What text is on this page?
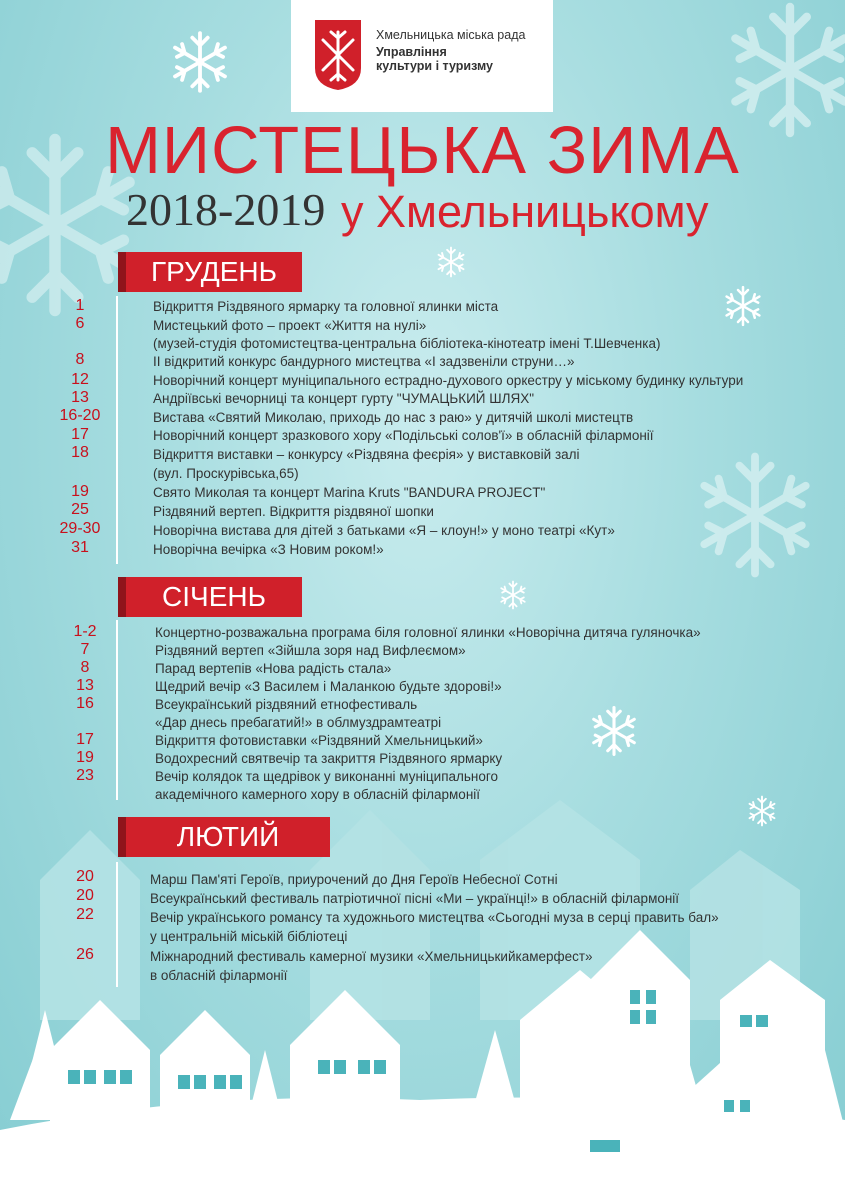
Хмельницька міська рада
Управління
культури і туризму
МИСТЕЦЬКА ЗИМА
2018-2019 у Хмельницькому
ГРУДЕНЬ
1
6
8
12
13
16-20
17
18
19
25
29-30
31
Відкриття Різдвяного ярмарку та головної ялинки міста
Мистецький фото – проект «Життя на нулі»
(музей-студія фотомистецтва-центральна бібліотека-кінотеатр імені Т.Шевченка)
ІІ відкритий конкурс бандурного мистецтва «І задзвеніли струни…»
Новорічний концерт муніципального естрадно-духового оркестру у міському будинку культури
Андріївські вечорниці та концерт гурту "ЧУМАЦЬКИЙ ШЛЯХ"
Вистава «Святий Миколаю, приходь до нас з раю» у дитячій школі мистецтв
Новорічний концерт зразкового хору «Подільські солов'ї» в обласній філармонії
Відкриття виставки – конкурсу «Різдвяна феєрія» у виставковій залі
(вул. Проскурівська,65)
Свято Миколая та концерт Marina Kruts "BANDURA PROJECT"
Різдвяний вертеп. Відкриття різдвяної шопки
Новорічна вистава для дітей з батьками «Я – клоун!» у моно театрі «Кут»
Новорічна вечірка «З Новим роком!»
СІЧЕНЬ
1-2
7
8
13
16
17
19
23
Концертно-розважальна програма біля головної ялинки «Новорічна дитяча гуляночка»
Різдвяний вертеп «Зійшла зоря над Вифлеємом»
Парад вертепів «Нова радість стала»
Щедрий вечір «З Василем і Маланкою будьте здорові!»
Всеукраїнський різдвяний етнофестиваль
«Дар днесь пребагатий!» в облмуздрамтеатрі
Відкриття фотовиставки «Різдвяний Хмельницький»
Водохресний святвечір та закриття Різдвяного ярмарку
Вечір колядок та щедрівок у виконанні муніципального
академічного камерного хору в обласній філармонії
ЛЮТИЙ
20
20
22
26
Марш Пам'яті Героїв, приурочений до Дня Героїв Небесної Сотні
Всеукраїнський фестиваль патріотичної пісні «Ми – українці!» в обласній філармонії
Вечір українського романсу та художнього мистецтва «Сьогодні муза в серці править бал»
у центральній міській бібліотеці
Міжнародний фестиваль камерної музики «Хмельницькийкамерфест»
в обласній філармонії
